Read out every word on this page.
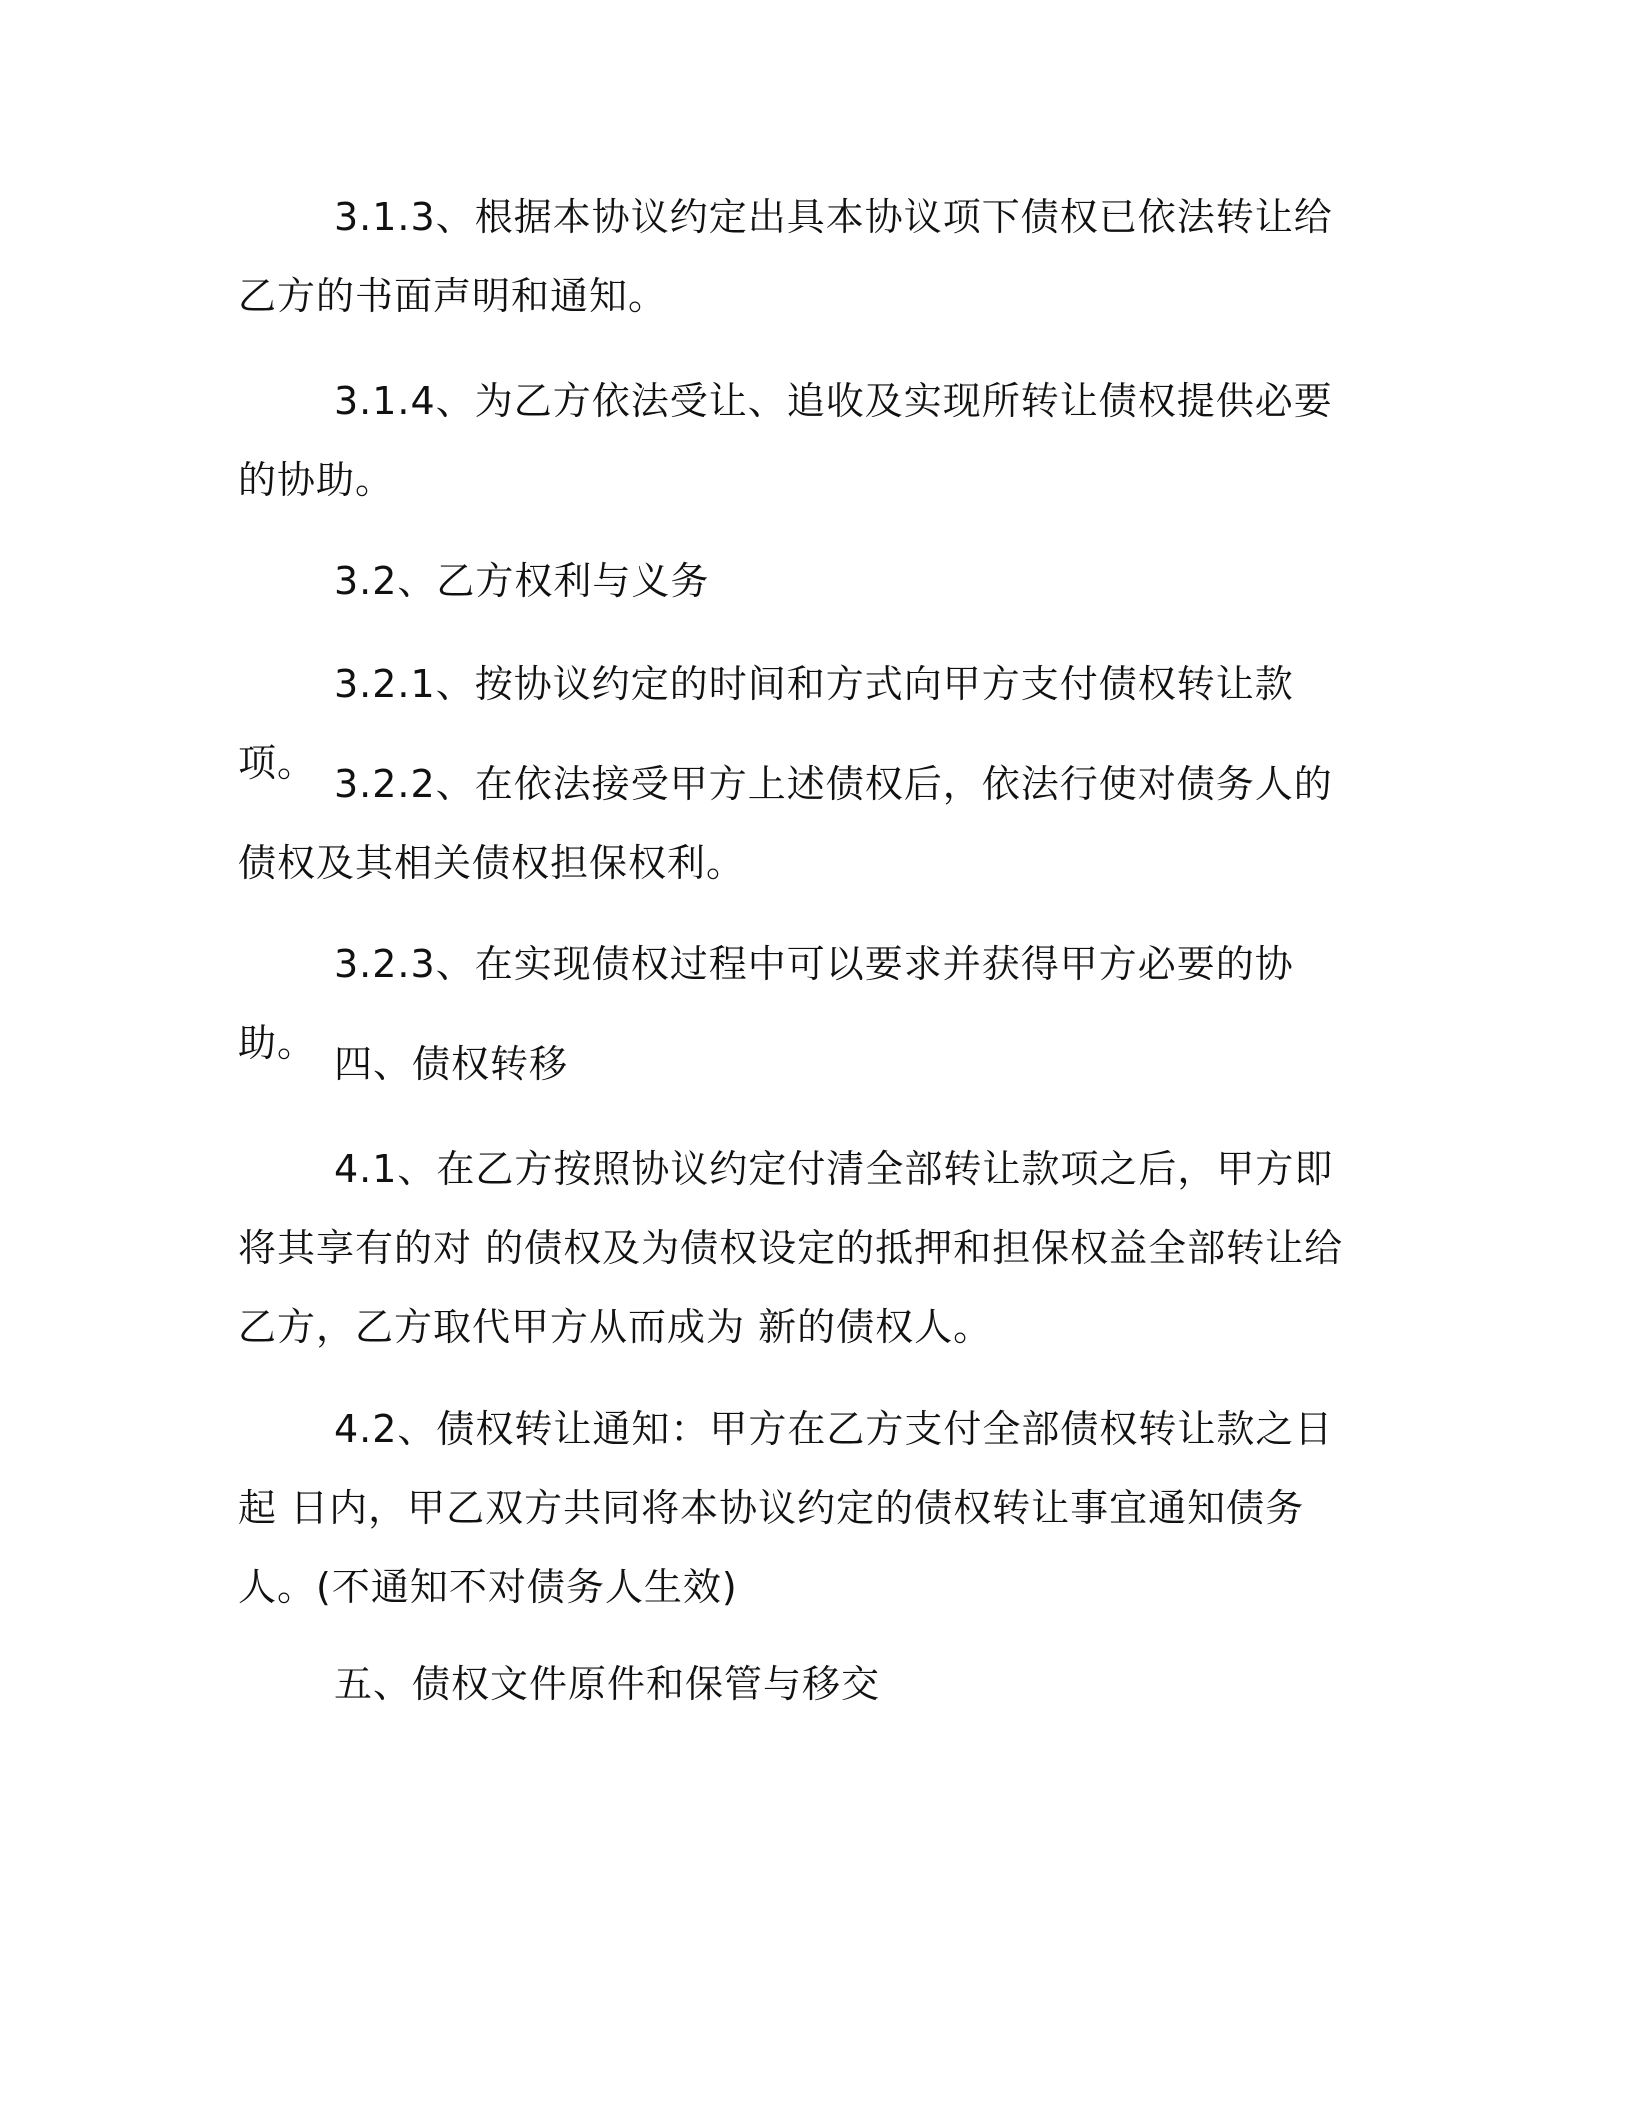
3.1.3、根据本协议约定出具本协议项下债权已依法转让给乙方的书面声明和通知。

3.1.4、为乙方依法受让、追收及实现所转让债权提供必要的协助。

3.2、乙方权利与义务

3.2.1、按协议约定的时间和方式向甲方支付债权转让款项。 3.2.2、在依法接受甲方上述债权后，依法行使对债务人的债权及其相关债权担保权利。

3.2.3、在实现债权过程中可以要求并获得甲方必要的协助。 四、债权转移

4.1、在乙方按照协议约定付清全部转让款项之后，甲方即将其享有的对 的债权及为债权设定的抵押和担保权益全部转让给乙方，乙方取代甲方从而成为 新的债权人。

4.2、债权转让通知：甲方在乙方支付全部债权转让款之日起 日内，甲乙双方共同将本协议约定的债权转让事宜通知债务人。(不通知不对债务人生效)

五、债权文件原件和保管与移交
